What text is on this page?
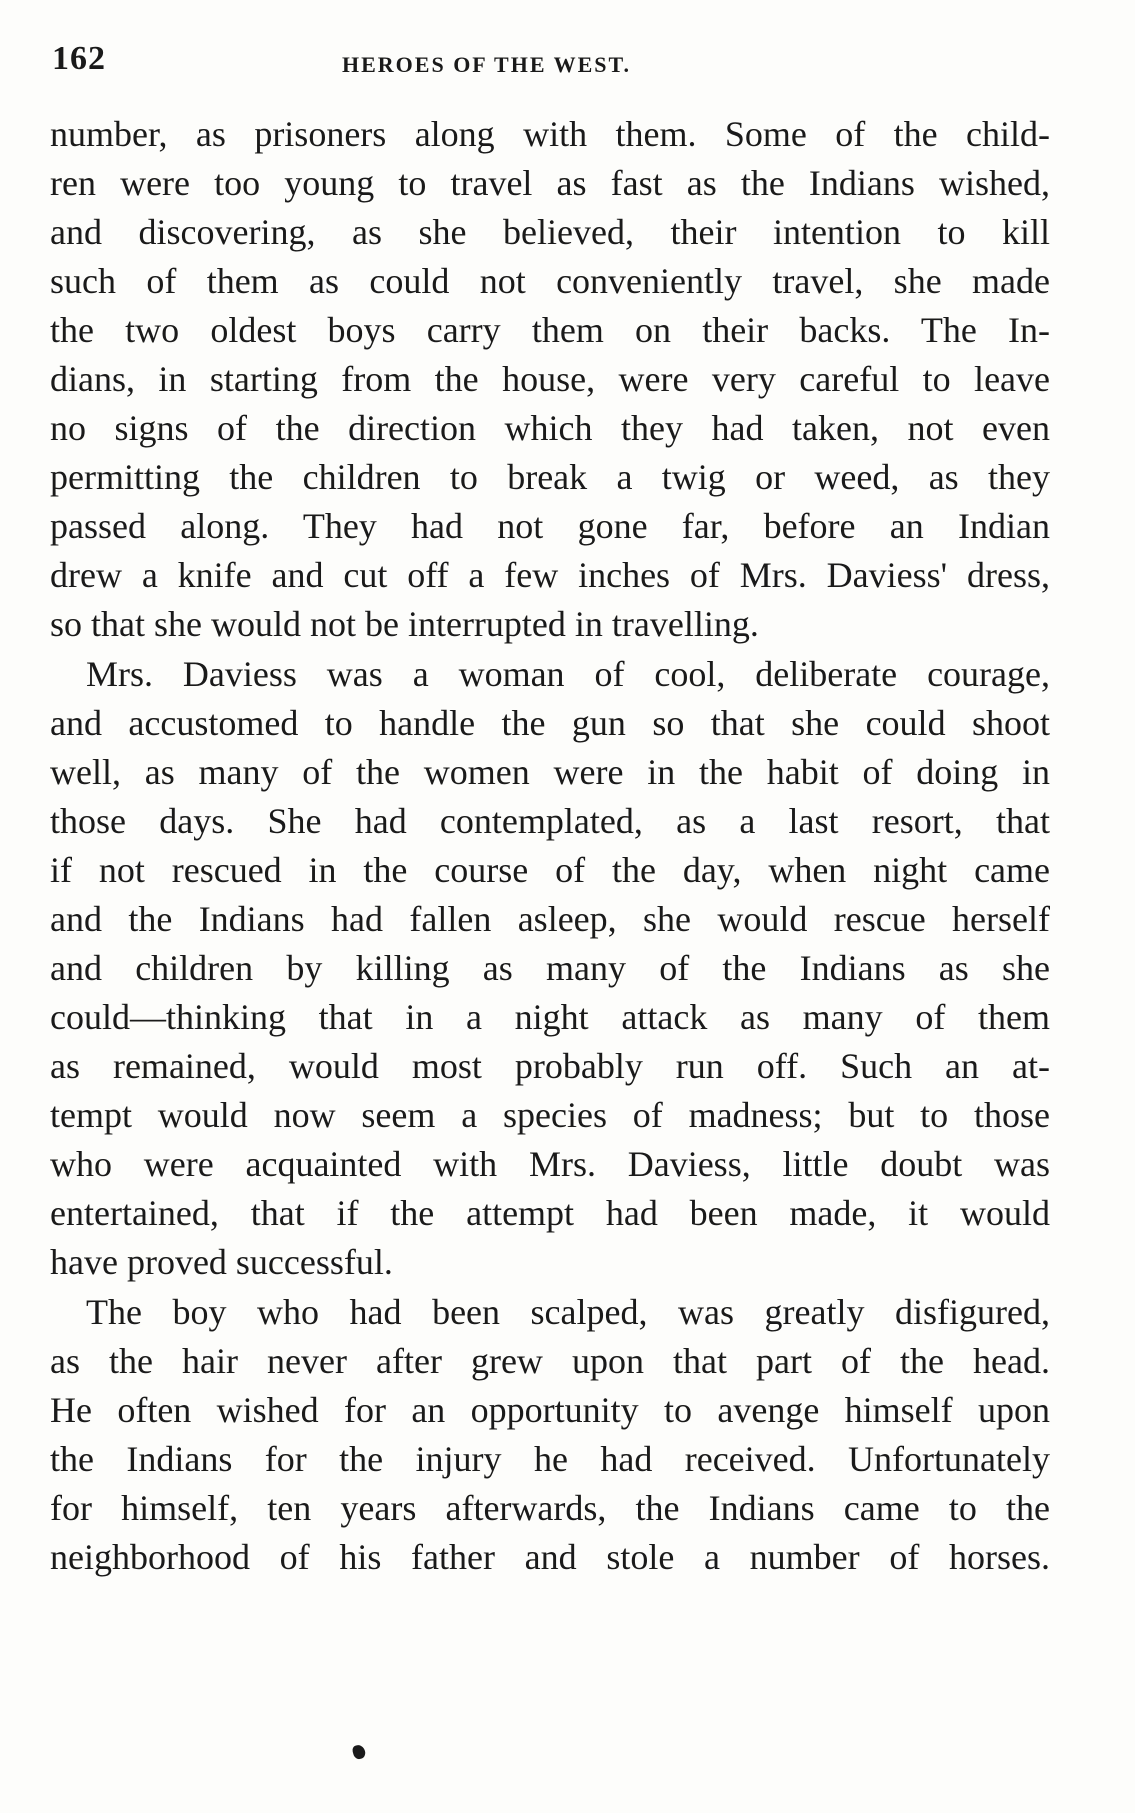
162	HEROES OF THE WEST.
number, as prisoners along with them. Some of the child-
ren were too young to travel as fast as the Indians wished,
and discovering, as she believed, their intention to kill
such of them as could not conveniently travel, she made
the two oldest boys carry them on their backs. The In-
dians, in starting from the house, were very careful to leave
no signs of the direction which they had taken, not even
permitting the children to break a twig or weed, as they
passed along. They had not gone far, before an Indian
drew a knife and cut off a few inches of Mrs. Daviess' dress,
so that she would not be interrupted in travelling.
Mrs. Daviess was a woman of cool, deliberate courage,
and accustomed to handle the gun so that she could shoot
well, as many of the women were in the habit of doing in
those days. She had contemplated, as a last resort, that
if not rescued in the course of the day, when night came
and the Indians had fallen asleep, she would rescue herself
and children by killing as many of the Indians as she
could—thinking that in a night attack as many of them
as remained, would most probably run off. Such an at-
tempt would now seem a species of madness; but to those
who were acquainted with Mrs. Daviess, little doubt was
entertained, that if the attempt had been made, it would
have proved successful.
The boy who had been scalped, was greatly disfigured,
as the hair never after grew upon that part of the head.
He often wished for an opportunity to avenge himself upon
the Indians for the injury he had received. Unfortunately
for himself, ten years afterwards, the Indians came to the
neighborhood of his father and stole a number of horses.
